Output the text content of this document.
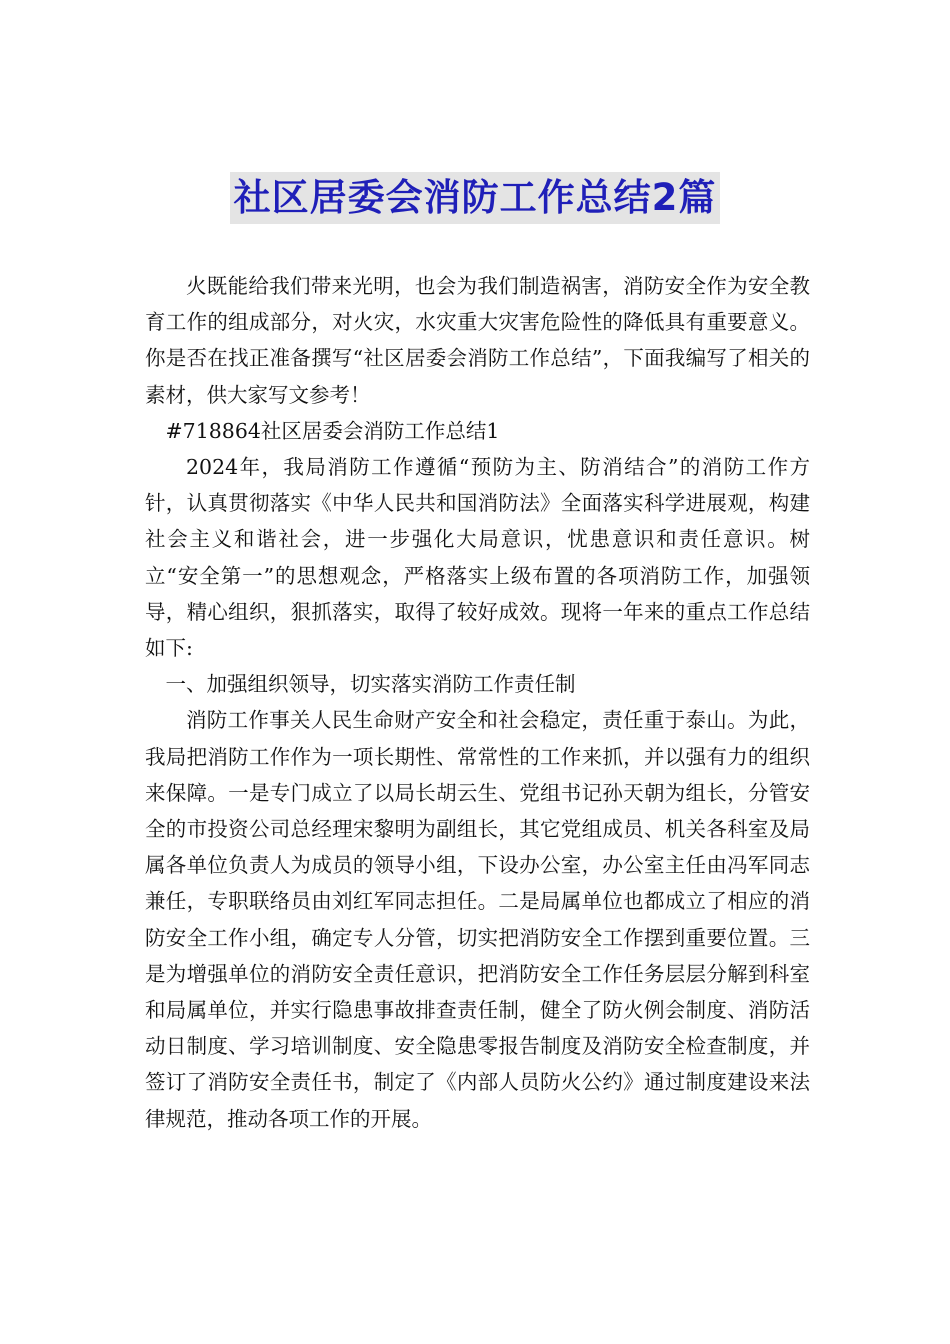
社区居委会消防工作总结2篇

火既能给我们带来光明，也会为我们制造祸害，消防安全作为安全教育工作的组成部分，对火灾，水灾重大灾害危险性的降低具有重要意义。你是否在找正准备撰写“社区居委会消防工作总结”，下面我编写了相关的素材，供大家写文参考！

#718864社区居委会消防工作总结1

2024年，我局消防工作遵循“预防为主、防消结合”的消防工作方针，认真贯彻落实《中华人民共和国消防法》全面落实科学进展观，构建社会主义和谐社会，进一步强化大局意识，忧患意识和责任意识。树立“安全第一”的思想观念，严格落实上级布置的各项消防工作，加强领导，精心组织，狠抓落实，取得了较好成效。现将一年来的重点工作总结如下:

一、加强组织领导，切实落实消防工作责任制

消防工作事关人民生命财产安全和社会稳定，责任重于泰山。为此，我局把消防工作作为一项长期性、常常性的工作来抓，并以强有力的组织来保障。一是专门成立了以局长胡云生、党组书记孙天朝为组长，分管安全的市投资公司总经理宋黎明为副组长，其它党组成员、机关各科室及局属各单位负责人为成员的领导小组，下设办公室，办公室主任由冯军同志兼任，专职联络员由刘红军同志担任。二是局属单位也都成立了相应的消防安全工作小组，确定专人分管，切实把消防安全工作摆到重要位置。三是为增强单位的消防安全责任意识，把消防安全工作任务层层分解到科室和局属单位，并实行隐患事故排查责任制，健全了防火例会制度、消防活动日制度、学习培训制度、安全隐患零报告制度及消防安全检查制度，并签订了消防安全责任书，制定了《内部人员防火公约》通过制度建设来法律规范，推动各项工作的开展。
